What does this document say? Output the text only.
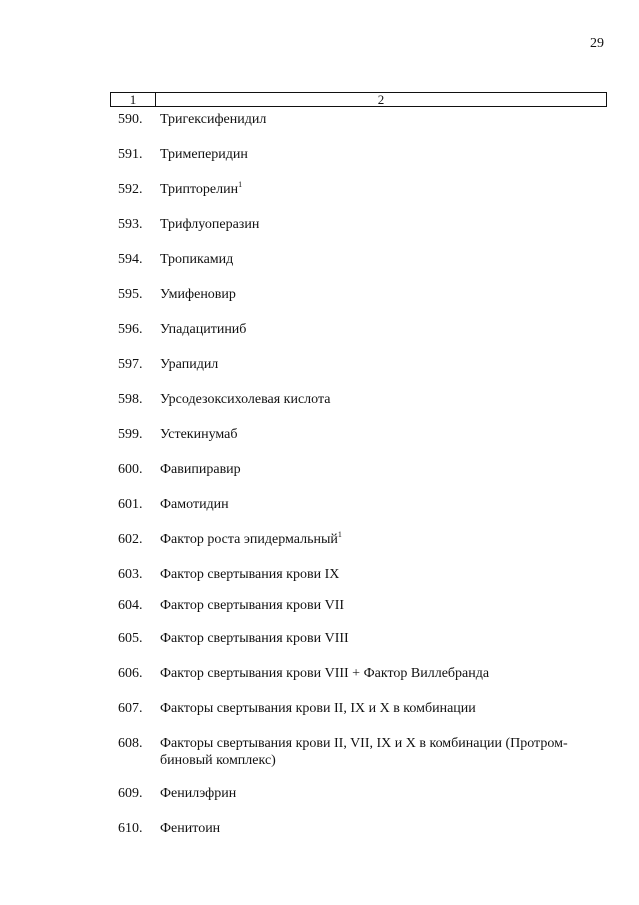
29
1	2
590.	Тригексифенидил
591.	Тримеперидин
592.	Трипторелин$^1$
593.	Трифлуоперазин
594.	Тропикамид
595.	Умифеновир
596.	Упадацитиниб
597.	Урапидил
598.	Урсодезоксихолевая кислота
599.	Устекинумаб
600.	Фавипиравир
601.	Фамотидин
602.	Фактор роста эпидермальный$^1$
603.	Фактор свертывания крови IX
604.	Фактор свертывания крови VII
605.	Фактор свертывания крови VIII
606.	Фактор свертывания крови VIII + Фактор Виллебранда
607.	Факторы свертывания крови II, IX и X в комбинации
608.	Факторы свертывания крови II, VII, IX и X в комбинации (Протром-
биновый комплекс)
609.	Фенилэфрин
610.	Фенитоин
